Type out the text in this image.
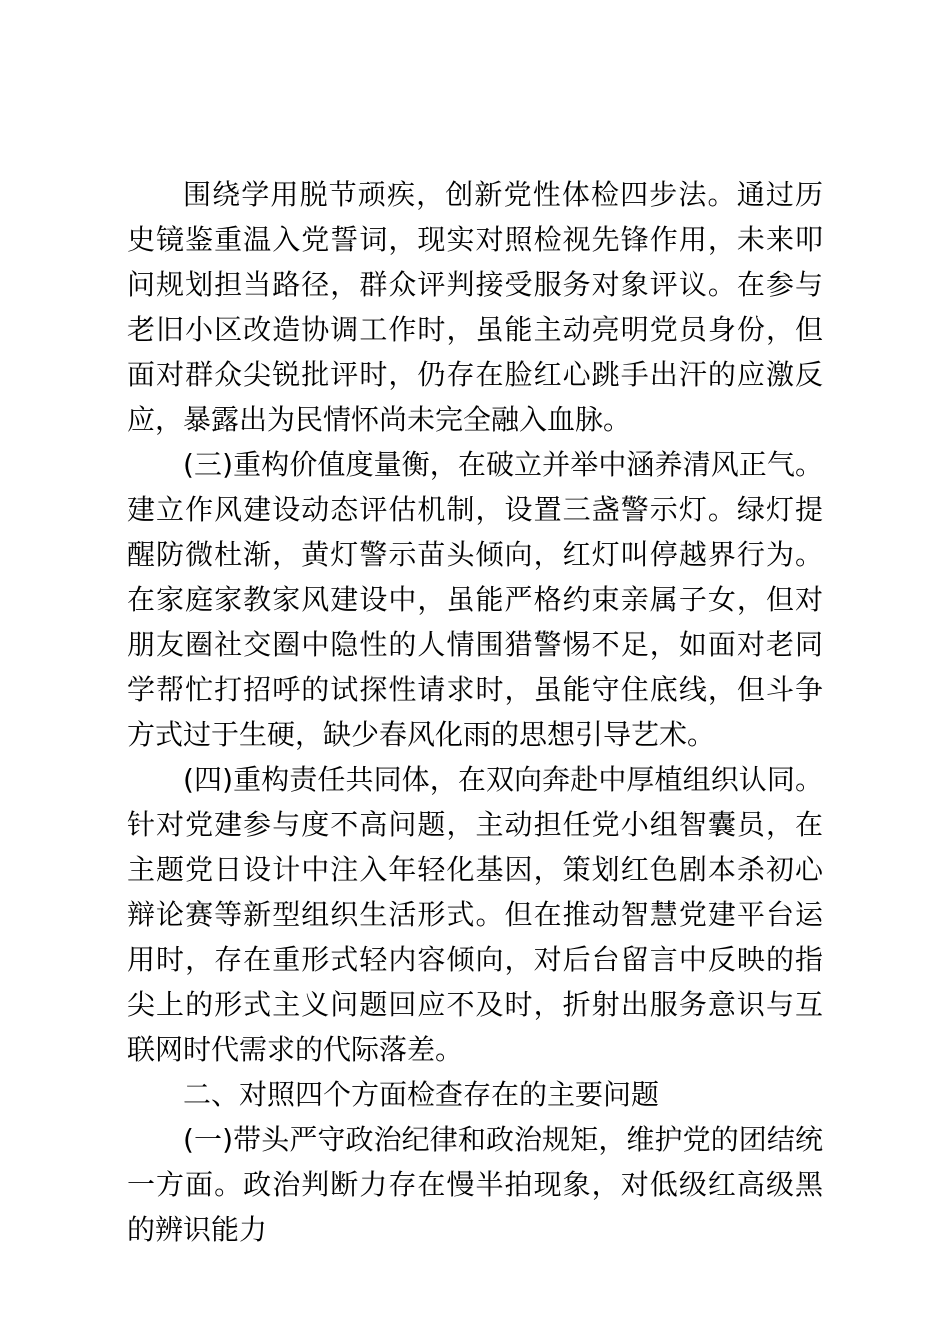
围绕学用脱节顽疾，创新党性体检四步法。通过历史镜鉴重温入党誓词，现实对照检视先锋作用，未来叩问规划担当路径，群众评判接受服务对象评议。在参与老旧小区改造协调工作时，虽能主动亮明党员身份，但面对群众尖锐批评时，仍存在脸红心跳手出汗的应激反应，暴露出为民情怀尚未完全融入血脉。

(三)重构价值度量衡，在破立并举中涵养清风正气。建立作风建设动态评估机制，设置三盏警示灯。绿灯提醒防微杜渐，黄灯警示苗头倾向，红灯叫停越界行为。在家庭家教家风建设中，虽能严格约束亲属子女，但对朋友圈社交圈中隐性的人情围猎警惕不足，如面对老同学帮忙打招呼的试探性请求时，虽能守住底线，但斗争方式过于生硬，缺少春风化雨的思想引导艺术。

(四)重构责任共同体，在双向奔赴中厚植组织认同。针对党建参与度不高问题，主动担任党小组智囊员，在主题党日设计中注入年轻化基因，策划红色剧本杀初心辩论赛等新型组织生活形式。但在推动智慧党建平台运用时，存在重形式轻内容倾向，对后台留言中反映的指尖上的形式主义问题回应不及时，折射出服务意识与互联网时代需求的代际落差。

二、对照四个方面检查存在的主要问题

(一)带头严守政治纪律和政治规矩，维护党的团结统一方面。政治判断力存在慢半拍现象，对低级红高级黑的辨识能力
